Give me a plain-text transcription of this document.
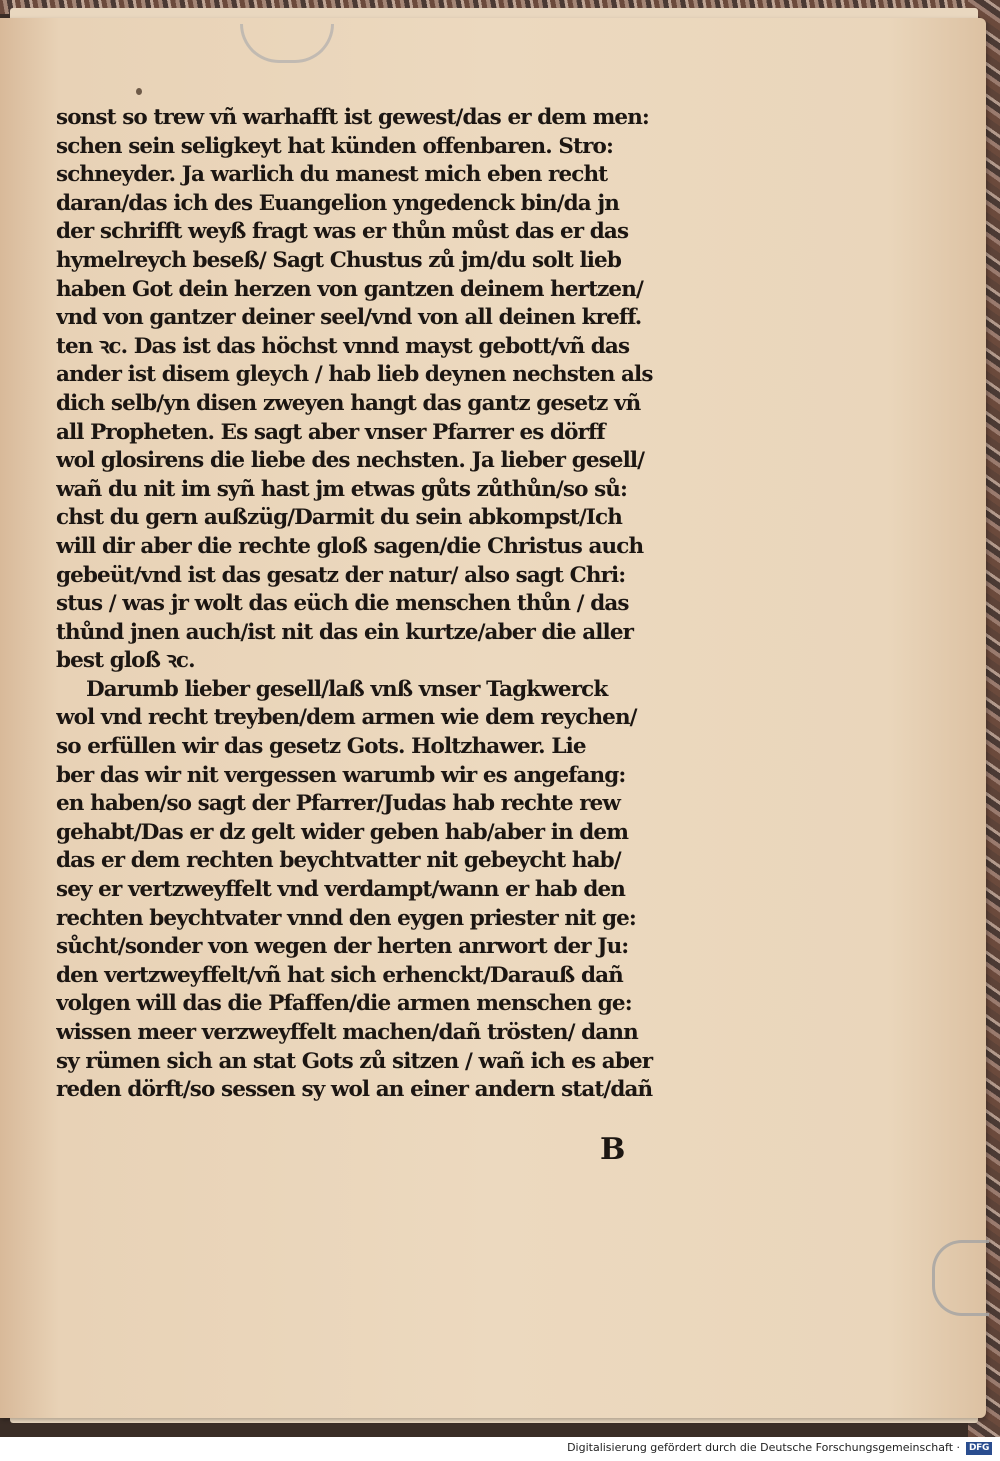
sonst so trew vñ warhafft ist gewest/das er dem men:
schen sein seligkeyt hat künden offenbaren. Stro:
schneyder. Ja warlich du manest mich eben recht
daran/das ich des Euangelion yngedenck bin/da jn
der schrifft weyß fragt was er thůn můst das er das
hymelreych beseß/ Sagt Chustus zů jm/du solt lieb
haben Got dein herzen von gantzen deinem hertzen/
vnd von gantzer deiner seel/vnd von all deinen kreff.
ten ꝛc. Das ist das höchst vnnd mayst gebott/vñ das
ander ist disem gleych / hab lieb deynen nechsten als
dich selb/yn disen zweyen hangt das gantz gesetz vñ
all Propheten. Es sagt aber vnser Pfarrer es dörff
wol glosirens die liebe des nechsten. Ja lieber gesell/
wañ du nit im syñ hast jm etwas gůts zůthůn/so sů:
chst du gern außzüg/Darmit du sein abkompst/Ich
will dir aber die rechte gloß sagen/die Christus auch
gebeüt/vnd ist das gesatz der natur/ also sagt Chri:
stus / was jr wolt das eüch die menschen thůn / das
thůnd jnen auch/ist nit das ein kurtze/aber die aller
best gloß ꝛc.
Darumb lieber gesell/laß vnß vnser Tagkwerck
wol vnd recht treyben/dem armen wie dem reychen/
so erfüllen wir das gesetz Gots. Holtzhawer. Lie
ber das wir nit vergessen warumb wir es angefang:
en haben/so sagt der Pfarrer/Judas hab rechte rew
gehabt/Das er dz gelt wider geben hab/aber in dem
das er dem rechten beychtvatter nit gebeycht hab/
sey er vertzweyffelt vnd verdampt/wann er hab den
rechten beychtvater vnnd den eygen priester nit ge:
sůcht/sonder von wegen der herten anrwort der Ju:
den vertzweyffelt/vñ hat sich erhenckt/Darauß dañ
volgen will das die Pfaffen/die armen menschen ge:
wissen meer verzweyffelt machen/dañ trösten/ dann
sy rümen sich an stat Gots zů sitzen / wañ ich es aber
reden dörft/so sessen sy wol an einer andern stat/dañ
B
Digitalisierung gefördert durch die Deutsche Forschungsgemeinschaft · DFG
